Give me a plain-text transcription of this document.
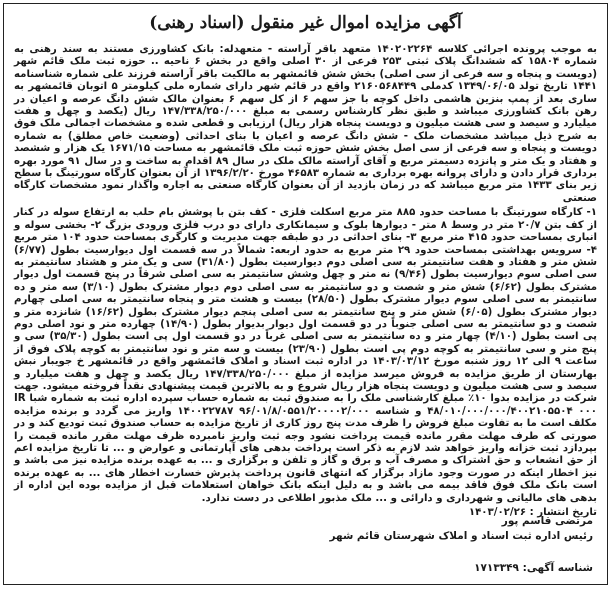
آگهی مزایده اموال غیر منقول (اسناد رهنی)

به موجب پرونده اجرائی کلاسه ۱۴۰۲۰۲۲۶۴ متعهد باقر آراسته - متعهدله: بانک کشاورزی مستند به سند رهنی به شماره ۱۵۸۰۴ که ششدانگ پلاک ثبتی ۲۵۳ فرعی از ۳۰ اصلی واقع در بخش ۶ ناحیه .. حوزه ثبت ملک قائم شهر (دویست و پنجاه و سه فرعی از سی اصلی) بخش شش قائمشهر به مالکیت باقر آراسته فرزند علی شماره شناسنامه ۱۴۴۱ تاریخ تولد ۱۳۴۹/۰۶/۰۵ کدملی ۲۱۶۰۵۶۸۴۴۹ واقع در قائم شهر دارای شماره ملی کیلومتر ۵ اتوبان قائمشهر به ساری بعد از پمپ بنزین هاشمی داخل کوچه با جز سهم ۶ از کل سهم ۶ بعنوان مالک شش دانگ عرصه و اعیان در رهن بانک کشاورزی میباشد و طبق نظر کارشناس رسمی به مبلغ ۱۴۷/۳۳۸/۲۵۰/۰۰۰ ریال (یکصد و چهل و هفت میلیارد و سیصد و سی هشت میلیون و دویست پنجاه هزار ریال) ارزیابی و قطعی شده و مشخصات اجمالی ملک فوق به شرح ذیل میباشد مشخصات ملک - شش دانگ عرصه و اعیان با بنای احداثی (وضعیت خاص مطلق) به شماره دویست و پنجاه و سه فرعی از سی اصل بخش شش حوزه ثبت ملک قائمشهر به مساحت ۱۶۷۱/۱۵ یک هزار و ششصد و هفتاد و یک متر و پانزده دسیمتر مربع و آقای آراسته مالک ملک در سال ۸۹ اقدام به ساخت و در سال ۹۱ مورد بهره برداری قرار دادن و دارای پروانه بهره برداری به شماره ۴۶۵۸۳ مورخ ۱۳۹۶/۲/۲۰ از آن بعنوان کارگاه سورتینگ با سطح زیر بنای ۱۴۳۳ متر مربع میباشد که در زمان بازدید از آن بعنوان کارگاه صنعتی به اجاره واگذار نمود مشخصات کارگاه صنعتی

۱- کارگاه سورتینگ با مساحت حدود ۸۸۵ متر مربع اسکلت فلزی - کف بتن با پوشش بام حلب به ارتفاع سوله در کنار از کف بتن ۲۰/۷ متر در وسط ۸ متر - دیوارها بلوک و سیمانکاری دارای دو درب فلزی ورودی بزرگ ۲- بخشی سوله و انباری بمساحت حدود ۴۱۵ متر مربع ۳- بنای احداثی در دو طبقه جهت مدیریت و کارگری بمساحت حدود ۱۰۴ متر مربع ۴- سرویس بهداشتی بمساحت حدود ۲۹ متر مربع به حدود اربعه: شمالاً در سه قسمت اول دیوارسیت بطول (۶/۷۷) شش متر و هفتاد و هفت سانتیمتر به سی اصلی دوم دیوارسیت بطول (۳۱/۸۰) سی و یک متر و هشتاد سانتیمتر به سی اصلی سوم دیوارسیت بطول (۹/۴۶) نه متر و چهل وشش سانتیمتر به سی اصلی شرقاً در پنج قسمت اول دیوار مشترک بطول (۶/۶۲) شش متر و شصت و دو سانتیمتر به سی اصلی دوم دیوار مشترک بطول (۳/۱۰) سه متر و ده سانتیمتر به سی اصلی سوم دیوار مشترک بطول (۲۸/۵۰) بیست و هشت متر و پنجاه سانتیمتر به سی اصلی چهارم دیوار مشترک بطول (۶/۰۵) شش متر و پنج سانتیمتر به سی اصلی پنجم دیوار مشترک بطول (۱۶/۶۲) شانزده متر و شصت و دو سانتیمتر به سی اصلی جنوباً در دو قسمت اول دیوار بدیوار بطول (۱۴/۹۰) چهارده متر و نود اصلی دوم پی است بطول (۴/۱۰) چهار متر و ده سانتیمتر به سی اصلی غرباً در دو قسمت اول پی است بطول (۳۵/۳۰) سی و پنج متر و سی سانتیمتر به کوچه دوم پی است بطول (۲۳/۹۰) بیست و سه متر و نود سانتیمتر به کوچه پلاک فوق از ساعت ۹ الی ۱۲ روز شنبه مورخ ۱۴۰۳/۰۳/۱۲ در اداره ثبت اسناد و املاک قائمشهر واقع در قائمشهر خ جویبار نبش بهارستان از طریق مزایده به فروش میرسد مزایده از مبلغ ۱۴۷/۳۳۸/۲۵۰/۰۰۰ ریال یکصد و چهل و هفت میلیارد و سیصد و سی هشت میلیون و دویست پنجاه هزار ریال شروع و به بالاترین قیمت پیشنهادی نقداً فروخته میشود. جهت شرکت در مزایده بدوا ۱۰٪ مبلغ کارشناسی ملک را به صندوق ثبت به شماره حساب سپرده اداره ثبت به شماره شبا IR ۴۸/۰۱۰/۰۰۰/۰۰۰/۴۰۰۲۱۰۵۵۰۴ ۰۰۰ و شناسه ۹۶/۰۱/۸/۰۵۵۱/۲۰۰۰۰۲/۰۰۰ ۱۴۰۰۲۲۷۸۷ واریز می گردد و برنده مزایده مکلف است ما به تفاوت مبلغ فروش را ظرف مدت پنج روز کاری از تاریخ مزایده به حساب صندوق ثبت تودیع کند و در صورتی که طرف مهلت مقرر مانده قیمت پرداخت نشود وجه ثبت واریز نامبرده ظرف مهلت مقرر مانده قیمت را بپردازد ثبت خزانه واریز خواهد شد لازم به ذکر است پرداخت بدهی های آپارتمانی و عوارض و ... تا تاریخ مزایده اعم از حق انشعاب و حق اشتراک و مصرف آب و برق و گاز و تلفن و برگزاری و ... به عهده برنده مزایده نیز می باشد و نیز اخطار اینکه در صورت وجود مازاد برگزار که انتهای قانون پرداخت پذیرش خسارت اخطار های ... به عهده برنده است بانک ملک فوق فاقد بیمه می باشد و به دلیل اینکه بانک خواهان استعلامات قبل از مزایده بوده این اداره از بدهی های مالیاتی و شهرداری و دارائی و ... ملک مذبور اطلاعی در دست ندارد.

تاریخ انتشار : ۱۴۰۳/۰۲/۲۶

مرتضی قاسم پور
رئیس اداره ثبت اسناد و املاک شهرستان قائم شهر
شناسه آگهی: ۱۷۱۳۳۴۹
